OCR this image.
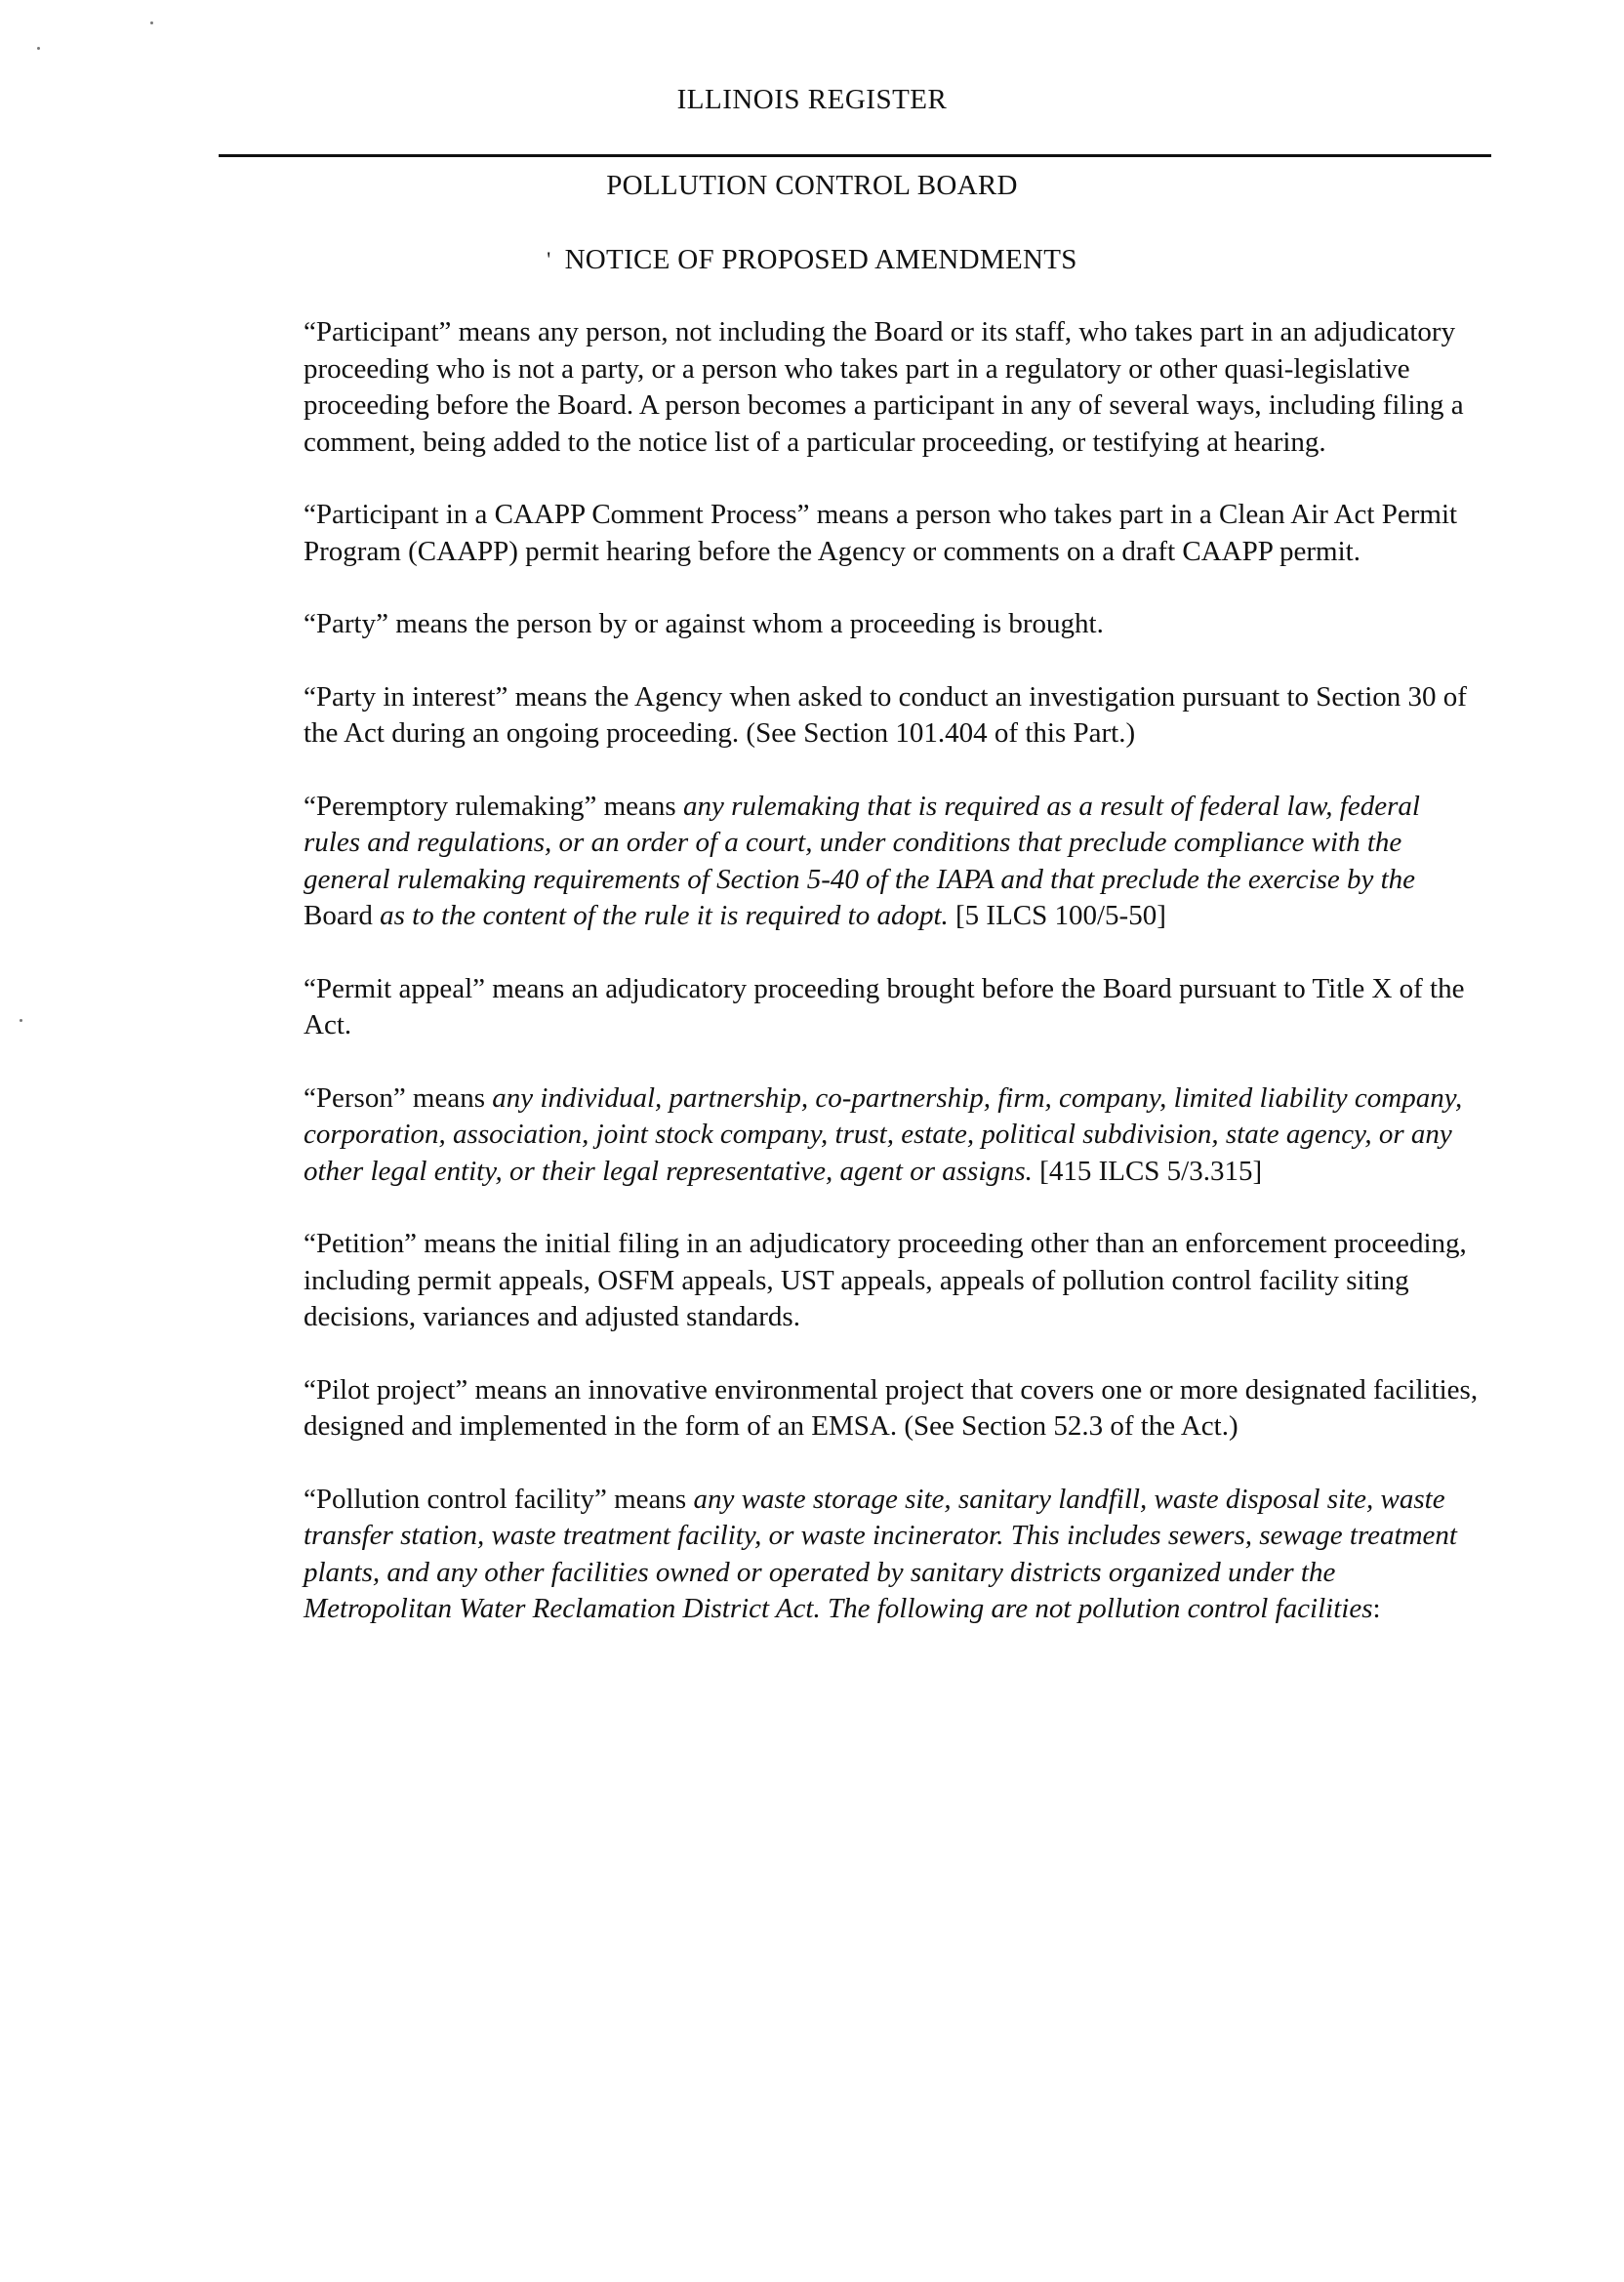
ILLINOIS REGISTER
POLLUTION CONTROL BOARD
' NOTICE OF PROPOSED AMENDMENTS

“Participant” means any person, not including the Board or its staff, who takes part in an adjudicatory proceeding who is not a party, or a person who takes part in a regulatory or other quasi-legislative proceeding before the Board. A person becomes a participant in any of several ways, including filing a comment, being added to the notice list of a particular proceeding, or testifying at hearing.

“Participant in a CAAPP Comment Process” means a person who takes part in a Clean Air Act Permit Program (CAAPP) permit hearing before the Agency or comments on a draft CAAPP permit.

“Party” means the person by or against whom a proceeding is brought.

“Party in interest” means the Agency when asked to conduct an investigation pursuant to Section 30 of the Act during an ongoing proceeding. (See Section 101.404 of this Part.)

“Peremptory rulemaking” means any rulemaking that is required as a result of federal law, federal rules and regulations, or an order of a court, under conditions that preclude compliance with the general rulemaking requirements of Section 5-40 of the IAPA and that preclude the exercise by the Board as to the content of the rule it is required to adopt. [5 ILCS 100/5-50]

“Permit appeal” means an adjudicatory proceeding brought before the Board pursuant to Title X of the Act.

“Person” means any individual, partnership, co-partnership, firm, company, limited liability company, corporation, association, joint stock company, trust, estate, political subdivision, state agency, or any other legal entity, or their legal representative, agent or assigns. [415 ILCS 5/3.315]

“Petition” means the initial filing in an adjudicatory proceeding other than an enforcement proceeding, including permit appeals, OSFM appeals, UST appeals, appeals of pollution control facility siting decisions, variances and adjusted standards.

“Pilot project” means an innovative environmental project that covers one or more designated facilities, designed and implemented in the form of an EMSA. (See Section 52.3 of the Act.)

“Pollution control facility” means any waste storage site, sanitary landfill, waste disposal site, waste transfer station, waste treatment facility, or waste incinerator. This includes sewers, sewage treatment plants, and any other facilities owned or operated by sanitary districts organized under the Metropolitan Water Reclamation District Act. The following are not pollution control facilities:
